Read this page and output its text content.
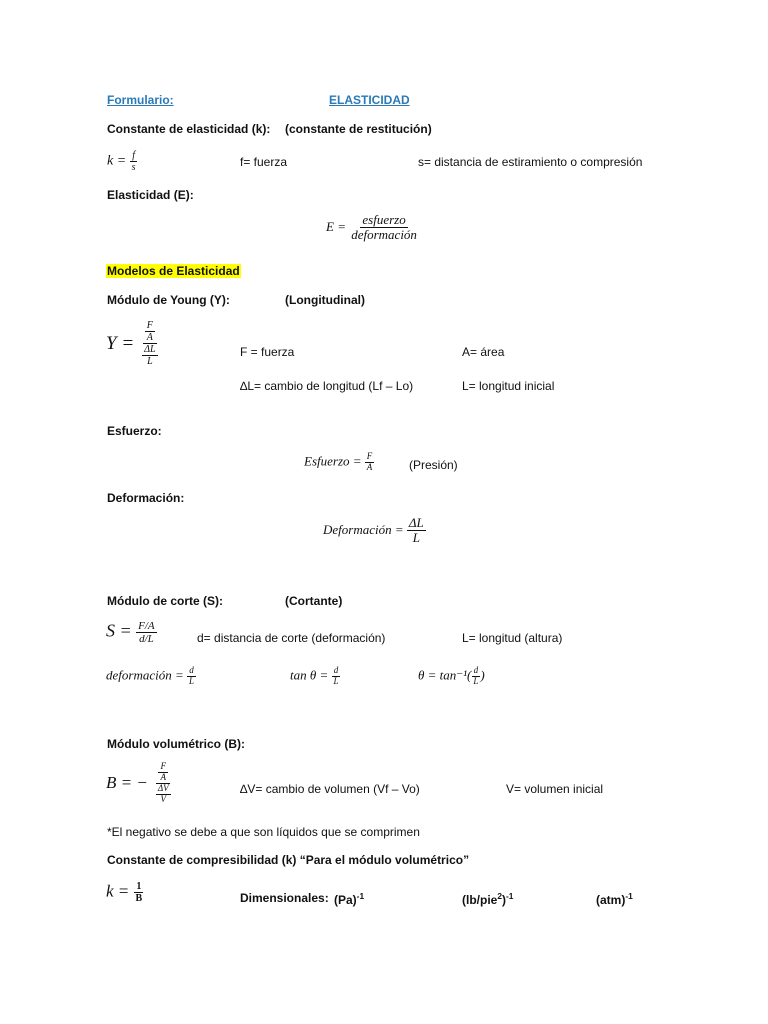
Formulario:	ELASTICIDAD
Constante de elasticidad (k): (constante de restitución)
$k = \frac{f}{s}$	f= fuerza	s= distancia de estiramiento o compresión
Elasticidad (E):
$E = \frac{\text{esfuerzo}}{\text{deformación}}$
Modelos de Elasticidad
Módulo de Young (Y):	(Longitudinal)
$Y = \frac{\frac{F}{A}}{\frac{\Delta L}{L}}$	F = fuerza	A= área
∆L= cambio de longitud (Lf – Lo)	L= longitud inicial
Esfuerzo:
Esfuerzo = $\frac{F}{A}$	(Presión)
Deformación:
Deformación = $\frac{\Delta L}{L}$
Módulo de corte (S):	(Cortante)
$S = \frac{F/A}{d/L}$	d= distancia de corte (deformación)	L= longitud (altura)
deformación = $\frac{d}{L}$	$\tan \theta = \frac{d}{L}$	$\theta = \tan^{-1}( \frac{d}{L}$ )
Módulo volumétrico (B):
B = − $\frac{\frac{F}{A}}{\frac{\Delta V}{V}}$	∆V= cambio de volumen (Vf – Vo)	V= volumen inicial
*El negativo se debe a que son líquidos que se comprimen
Constante de compresibilidad (k) “Para el módulo volumétrico”
$k = \frac{1}{B}$	Dimensionales: $(Pa)^{-1}$	$(lb/pie^2)^{-1}$	(atm)$^{-1}$
